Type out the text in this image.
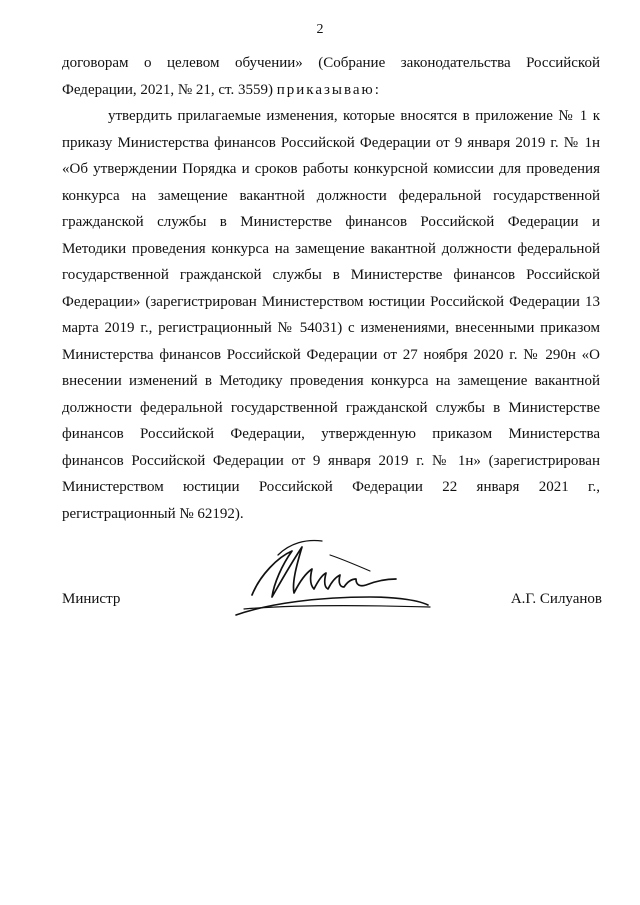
2

договорам о целевом обучении» (Собрание законодательства Российской Федерации, 2021, № 21, ст. 3559) приказываю:

утвердить прилагаемые изменения, которые вносятся в приложение № 1 к приказу Министерства финансов Российской Федерации от 9 января 2019 г. № 1н «Об утверждении Порядка и сроков работы конкурсной комиссии для проведения конкурса на замещение вакантной должности федеральной государственной гражданской службы в Министерстве финансов Российской Федерации и Методики проведения конкурса на замещение вакантной должности федеральной государственной гражданской службы в Министерстве финансов Российской Федерации» (зарегистрирован Министерством юстиции Российской Федерации 13 марта 2019 г., регистрационный № 54031) с изменениями, внесенными приказом Министерства финансов Российской Федерации от 27 ноября 2020 г. № 290н «О внесении изменений в Методику проведения конкурса на замещение вакантной должности федеральной государственной гражданской службы в Министерстве финансов Российской Федерации, утвержденную приказом Министерства финансов Российской Федерации от 9 января 2019 г. № 1н» (зарегистрирован Министерством юстиции Российской Федерации 22 января 2021 г., регистрационный № 62192).

Министр	А.Г. Силуанов
